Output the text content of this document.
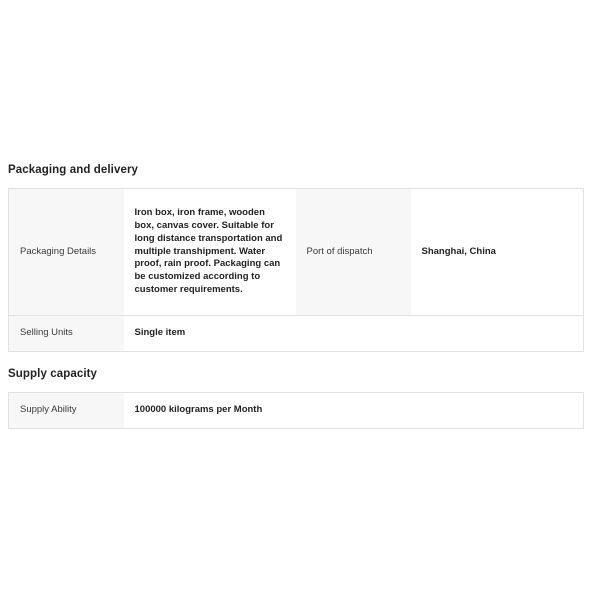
Packaging and delivery
Packaging Details	Iron box, iron frame, wooden box, canvas cover. Suitable for long distance transportation and multiple transhipment. Water proof, rain proof. Packaging can be customized according to customer requirements.	Port of dispatch	Shanghai, China
Selling Units	Single item		
Supply capacity
Supply Ability	100000 kilograms per Month
